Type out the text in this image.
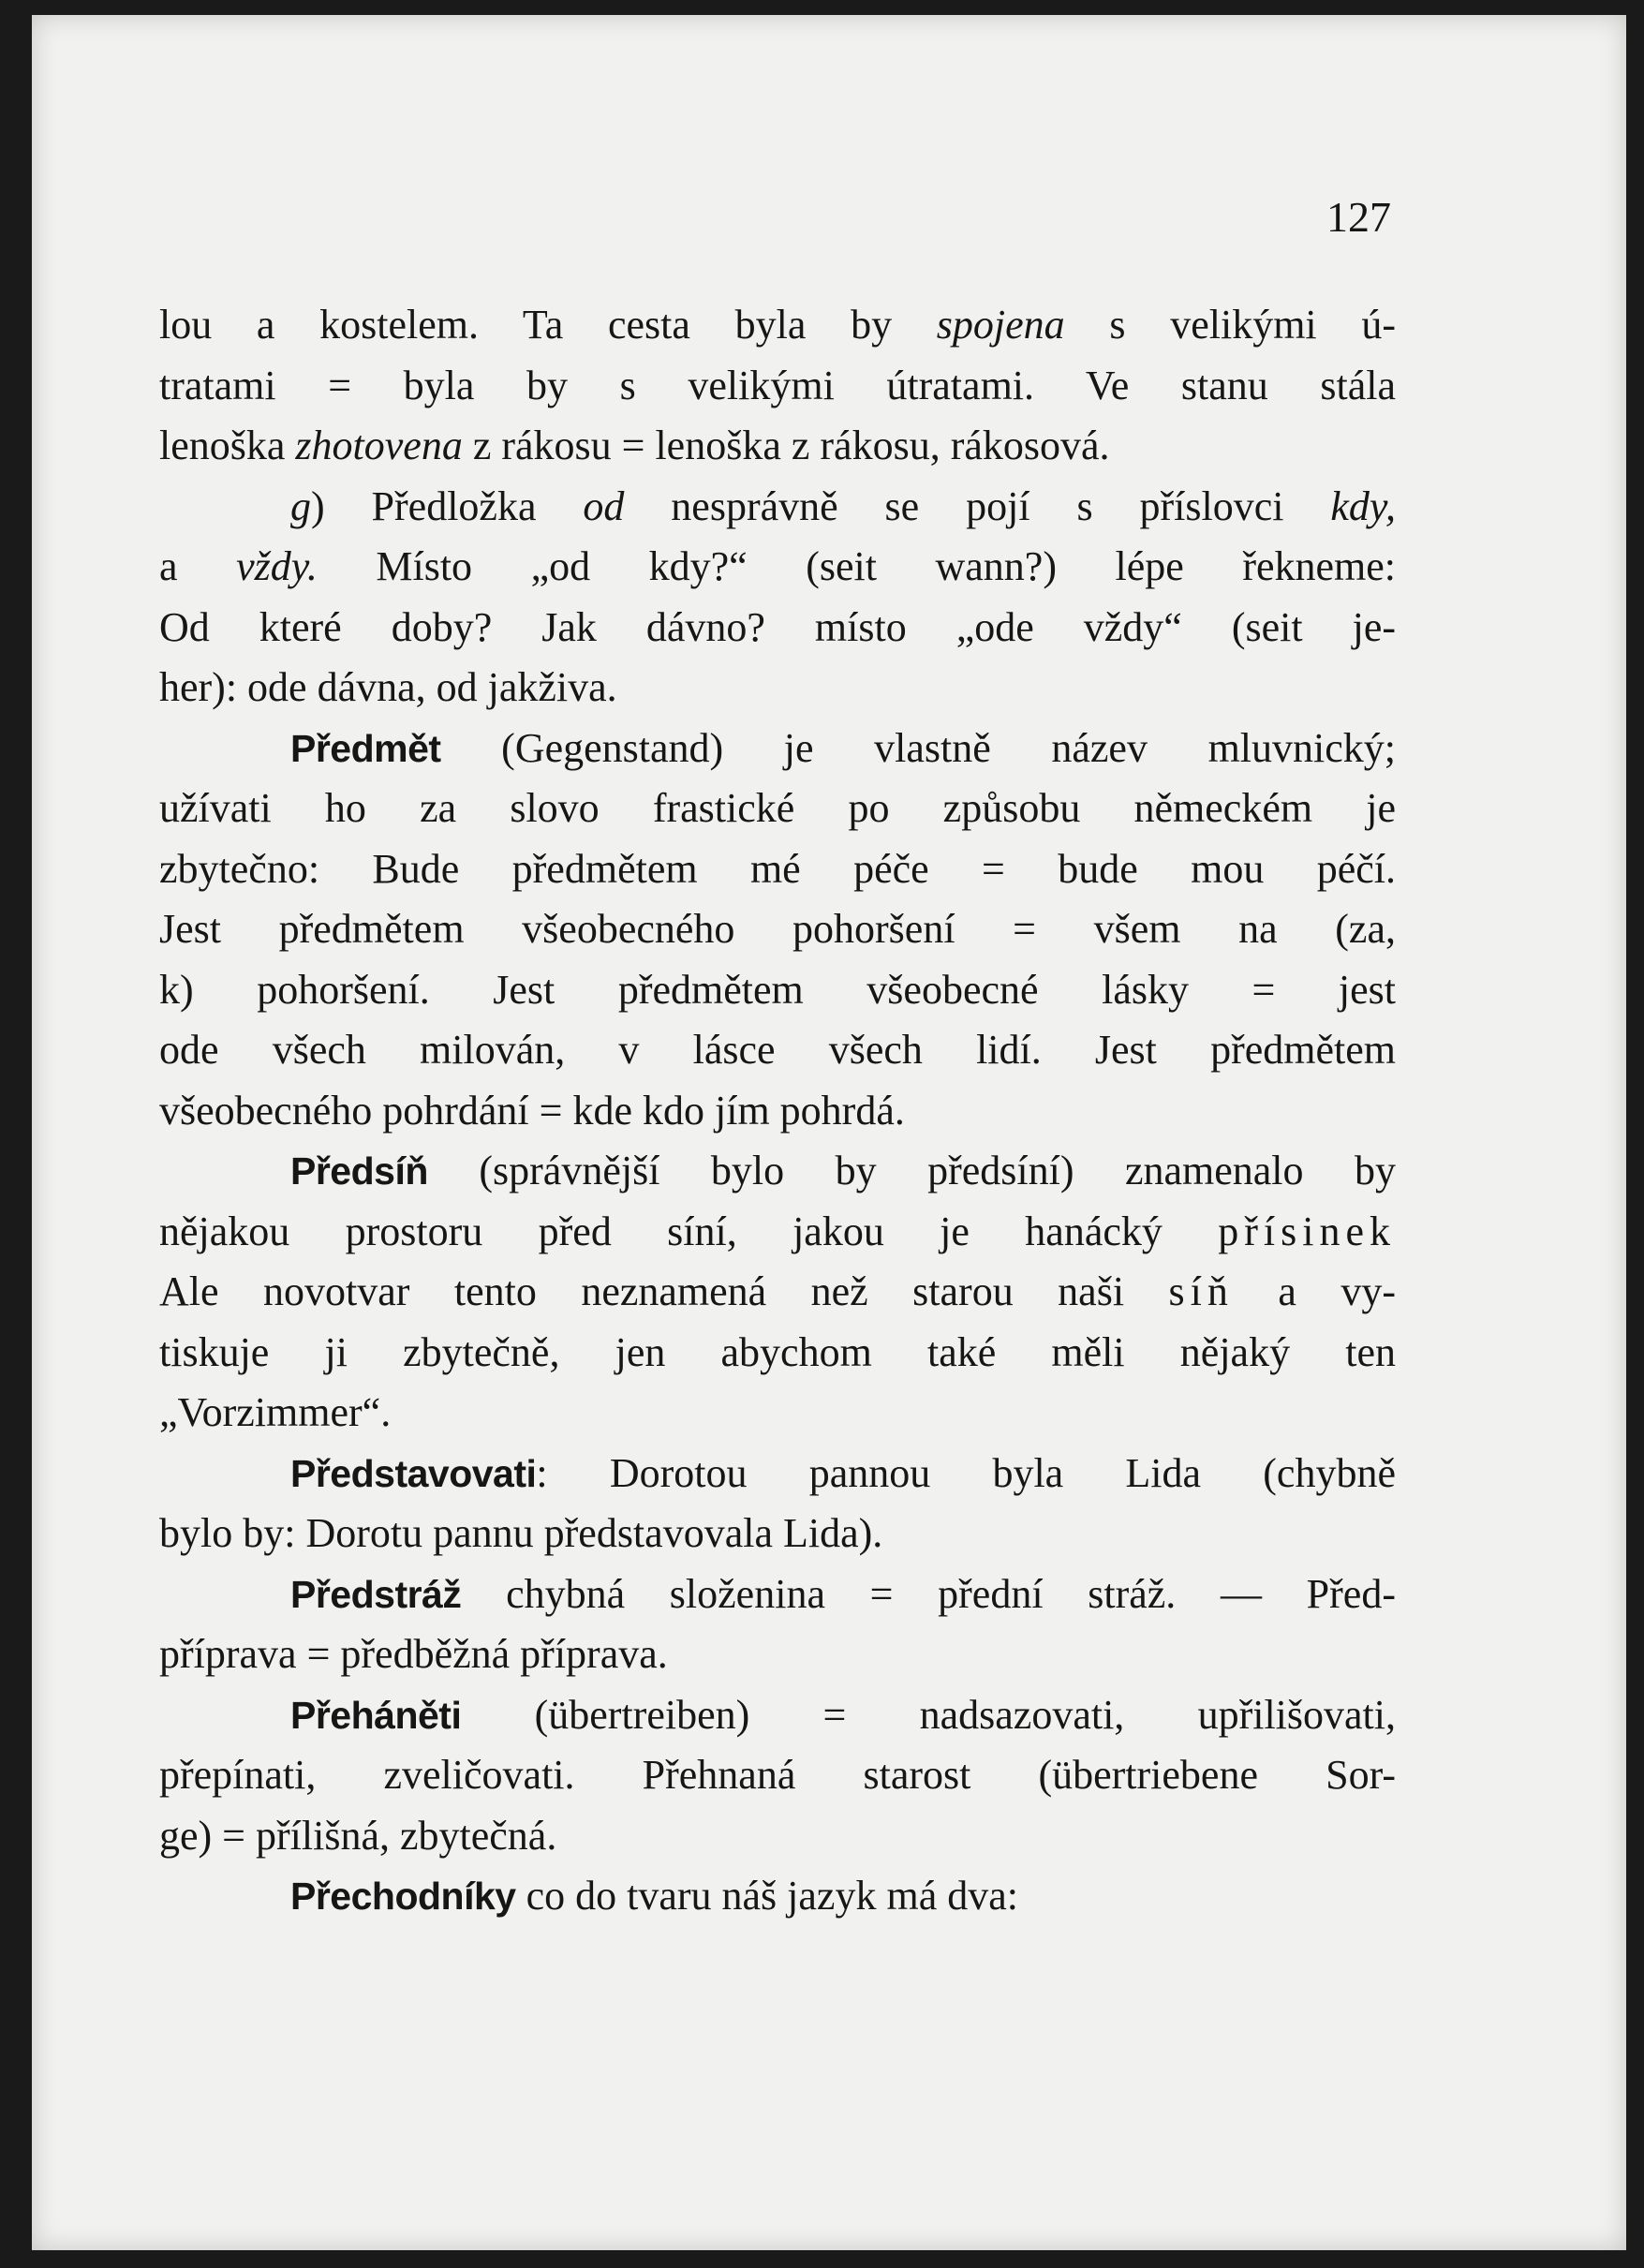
127
lou a kostelem. Ta cesta byla by spojena s velikými ú-
tratami = byla by s velikými útratami. Ve stanu stála
lenoška zhotovena z rákosu = lenoška z rákosu, rákosová.
g) Předložka od nesprávně se pojí s příslovci kdy,
a vždy. Místo „od kdy?“ (seit wann?) lépe řekneme:
Od které doby? Jak dávno? místo „ode vždy“ (seit je-
her): ode dávna, od jakživa.
Předmět (Gegenstand) je vlastně název mluvnický;
užívati ho za slovo frastické po způsobu německém je
zbytečno: Bude předmětem mé péče = bude mou péčí.
Jest předmětem všeobecného pohoršení = všem na (za,
k) pohoršení. Jest předmětem všeobecné lásky = jest
ode všech milován, v lásce všech lidí. Jest předmětem
všeobecného pohrdání = kde kdo jím pohrdá.
Předsíň (správnější bylo by předsíní) znamenalo by
nějakou prostoru před síní, jakou je hanácký přísinek
Ale novotvar tento neznamená než starou naši síň a vy-
tiskuje ji zbytečně, jen abychom také měli nějaký ten
„Vorzimmer“.
Představovati: Dorotou pannou byla Lida (chybně
bylo by: Dorotu pannu představovala Lida).
Předstráž chybná složenina = přední stráž. — Před-
příprava = předběžná příprava.
Přeháněti (übertreiben) = nadsazovati, upřilišovati,
přepínati, zveličovati. Přehnaná starost (übertriebene Sor-
ge) = přílišná, zbytečná.
Přechodníky co do tvaru náš jazyk má dva:
